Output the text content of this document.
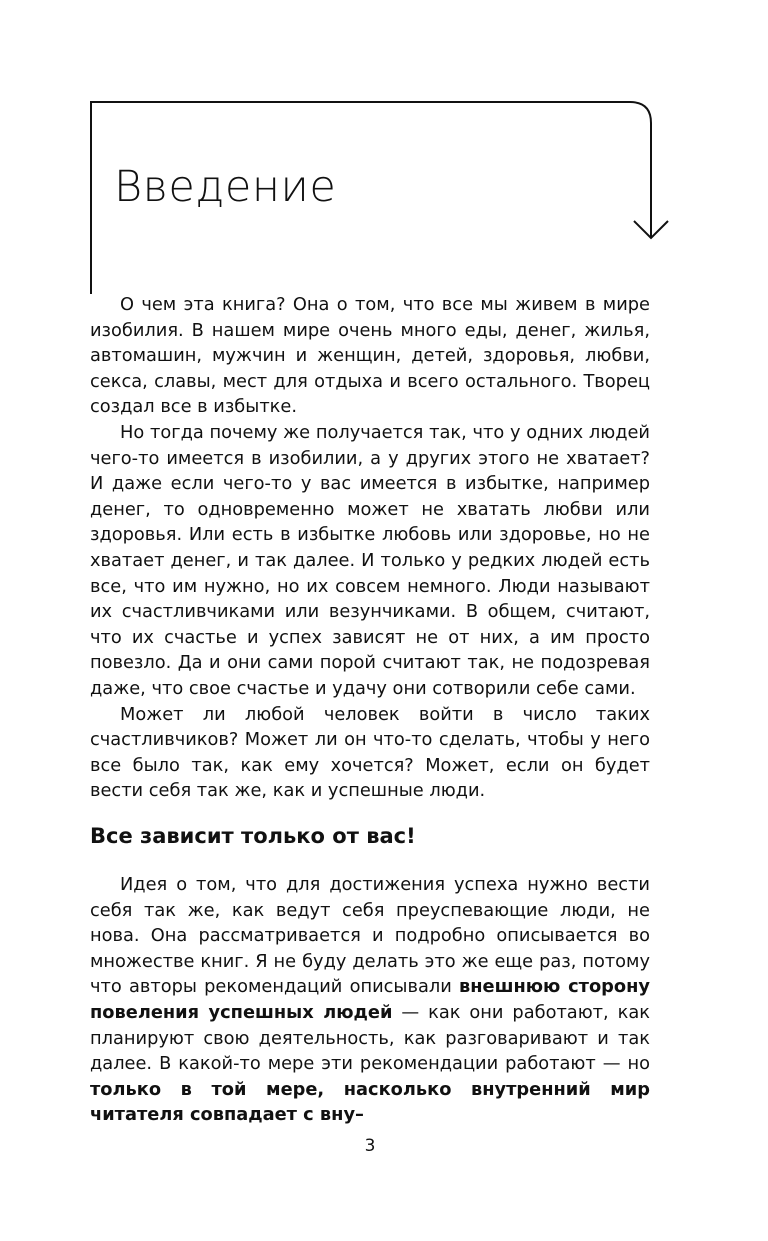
Введение

О чем эта книга? Она о том, что все мы живем в мире изобилия. В нашем мире очень много еды, денег, жилья, автомашин, мужчин и женщин, детей, здоровья, любви, секса, славы, мест для отдыха и всего остального. Творец создал все в избытке.

Но тогда почему же получается так, что у одних людей чего-то имеется в изобилии, а у других этого не хватает? И даже если чего-то у вас имеется в избытке, например денег, то одновременно может не хватать любви или здоровья. Или есть в избытке любовь или здоровье, но не хватает денег, и так далее. И только у редких людей есть все, что им нужно, но их совсем немного. Люди называют их счастливчиками или везунчиками. В общем, считают, что их счастье и успех зависят не от них, а им просто повезло. Да и они сами порой считают так, не подозревая даже, что свое счастье и удачу они сотворили себе сами.

Может ли любой человек войти в число таких счастливчиков? Может ли он что-то сделать, чтобы у него все было так, как ему хочется? Может, если он будет вести себя так же, как и успешные люди.

Все зависит только от вас!

Идея о том, что для достижения успеха нужно вести себя так же, как ведут себя преуспевающие люди, не нова. Она рассматривается и подробно описывается во множестве книг. Я не буду делать это же еще раз, потому что авторы рекомендаций описывали внешнюю сторону повеления успешных людей — как они работают, как планируют свою деятельность, как разговаривают и так далее. В какой-то мере эти рекомендации работают — но только в той мере, насколько внутренний мир читателя совпадает с вну–

3
